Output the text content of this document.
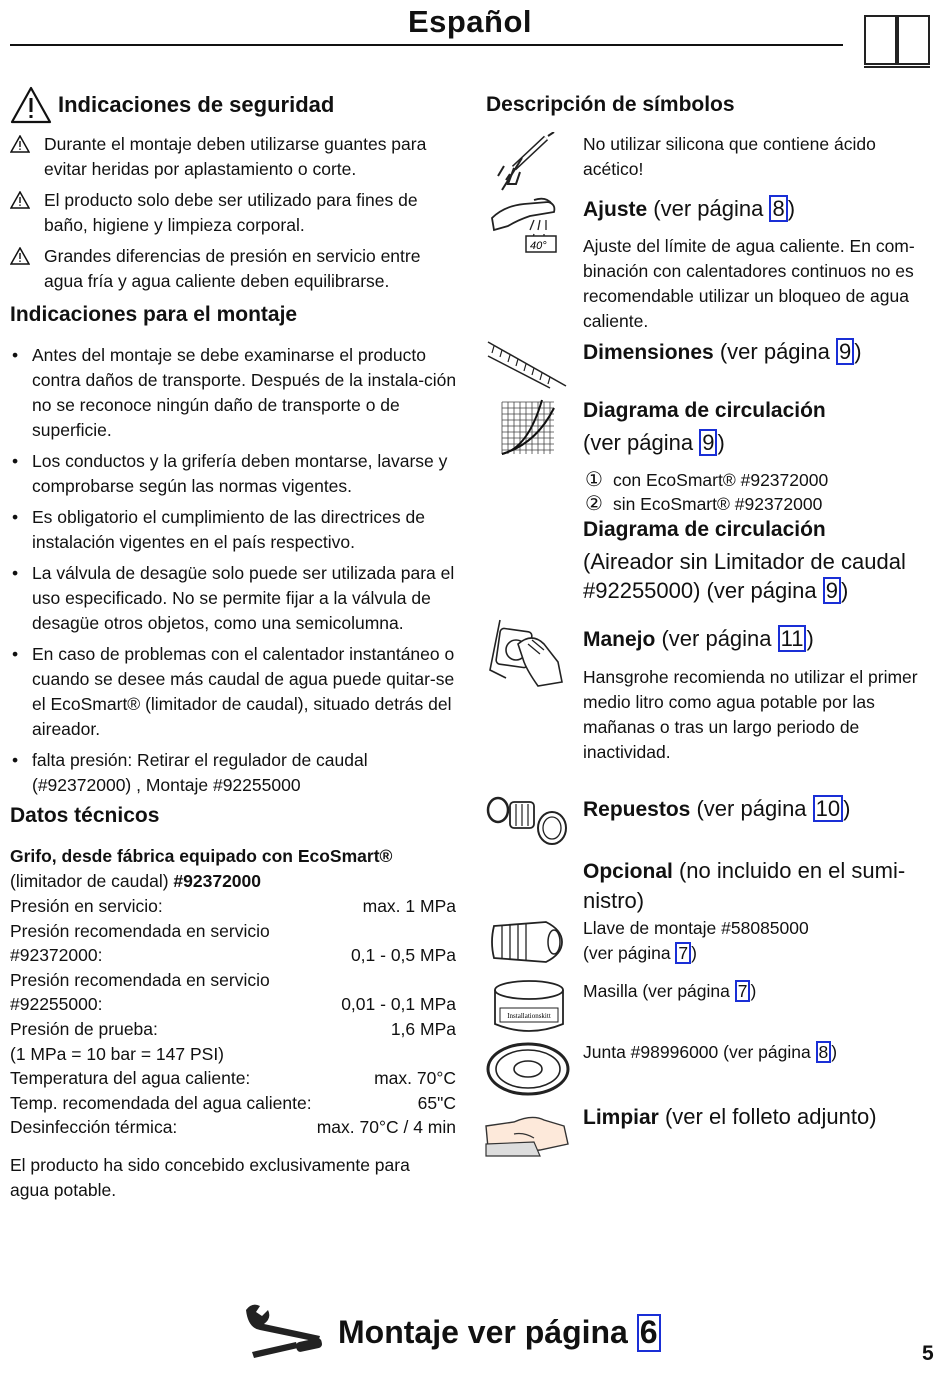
Español
Indicaciones de seguridad
Durante el montaje deben utilizarse guantes para evitar heridas por aplastamiento o corte.
El producto solo debe ser utilizado para fines de baño, higiene y limpieza corporal.
Grandes diferencias de presión en servicio entre agua fría y agua caliente deben equilibrarse.
Indicaciones para el montaje
• Antes del montaje se debe examinarse el producto contra daños de transporte. Después de la instala-ción no se reconoce ningún daño de transporte o de superficie.
• Los conductos y la grifería deben montarse, lavarse y comprobarse según las normas vigentes.
• Es obligatorio el cumplimiento de las directrices de instalación vigentes en el país respectivo.
• La válvula de desagüe solo puede ser utilizada para el uso especificado. No se permite fijar a la válvula de desagüe otros objetos, como una semicolumna.
• En caso de problemas con el calentador instantáneo o cuando se desee más caudal de agua puede quitar-se el EcoSmart® (limitador de caudal), situado detrás del aireador.
• falta presión: Retirar el regulador de caudal (#92372000) , Montaje #92255000
Datos técnicos
Grifo, desde fábrica equipado con EcoSmart®
(limitador de caudal) #92372000
Presión en servicio:	max. 1 MPa
Presión recomendada en servicio
#92372000:	0,1 - 0,5 MPa
Presión recomendada en servicio
#92255000:	0,01 - 0,1 MPa
Presión de prueba:	1,6 MPa
(1 MPa = 10 bar = 147 PSI)
Temperatura del agua caliente:	max. 70°C
Temp. recomendada del agua caliente:	65"C
Desinfección térmica:	max. 70°C / 4 min
El producto ha sido concebido exclusivamente para agua potable.
Descripción de símbolos
No utilizar silicona que contiene ácido acético!
40°
Ajuste (ver página 8 )
Ajuste del límite de agua caliente. En com-binación con calentadores continuos no es recomendable utilizar un bloqueo de agua caliente.
Dimensiones (ver página 9 )
Diagrama de circulación
(ver página 9 )
① con EcoSmart® #92372000
② sin EcoSmart® #92372000
Diagrama de circulación
(Aireador sin Limitador de caudal #92255000) (ver página 9 )
Manejo (ver página 11 )
Hansgrohe recomienda no utilizar el primer medio litro como agua potable por las mañanas o tras un largo periodo de inactividad.
Repuestos (ver página 10 )
Opcional (no incluido en el sumi-nistro)
Llave de montaje #58085000
(ver página 7 )
Installationskitt
Masilla (ver página 7 )
Junta #98996000 (ver página 8 )
Limpiar (ver el folleto adjunto)
Montaje ver página 6
5
